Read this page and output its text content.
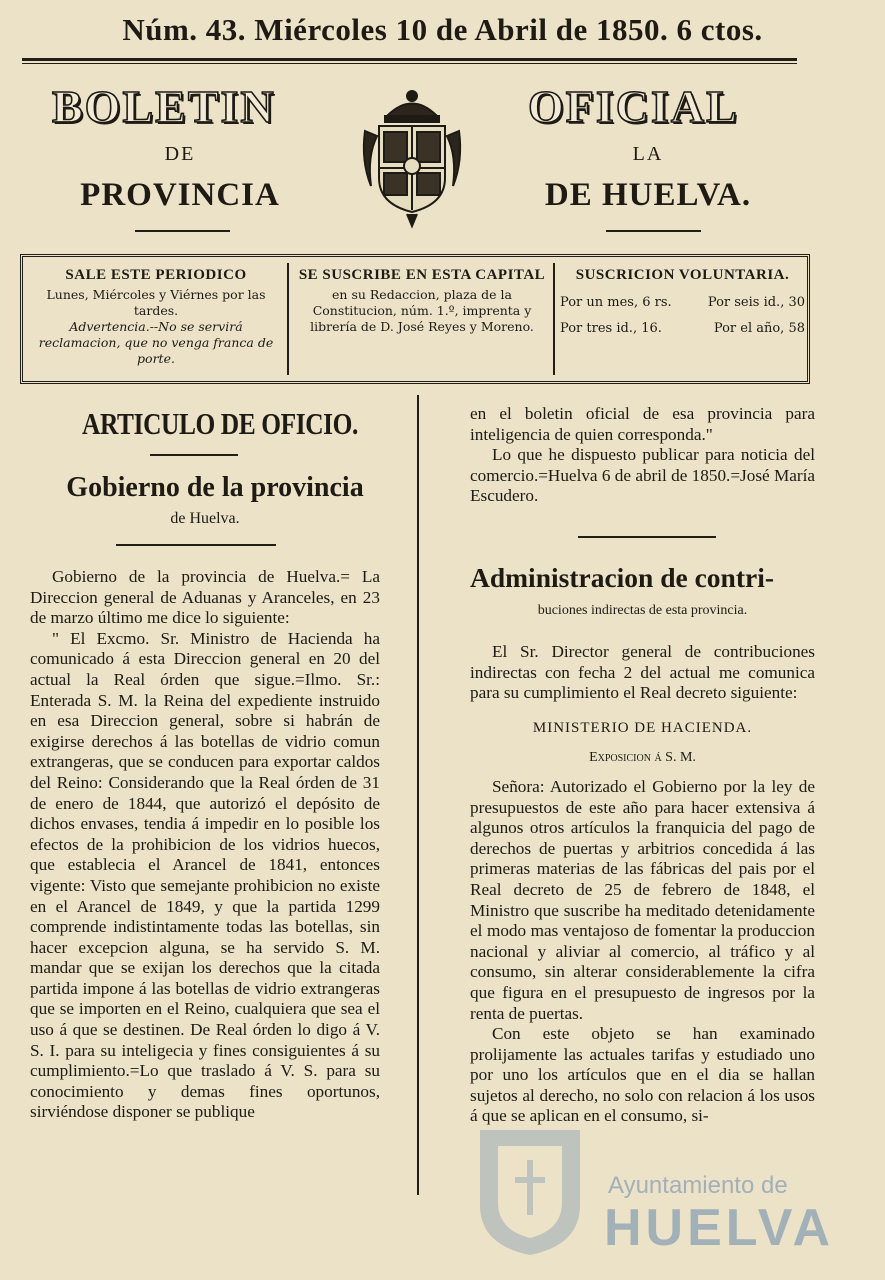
Núm. 43. Miércoles 10 de Abril de 1850. 6 ctos.
BOLETIN
DE
PROVINCIA
OFICIAL
LA
DE HUELVA.
SALE ESTE PERIODICO
Lunes, Miércoles y Viérnes por las tardes.
Advertencia.--No se servirá reclamacion, que no venga franca de porte.
SE SUSCRIBE EN ESTA CAPITAL
en su Redaccion, plaza de la Constitucion, núm. 1.º, imprenta y librería de D. José Reyes y Moreno.
SUSCRICION VOLUNTARIA.
Por un mes, 6 rs.	Por seis id., 30
Por tres id., 16.	Por el año, 58
ARTICULO DE OFICIO.
Gobierno de la provincia
de Huelva.

Gobierno de la provincia de Huelva.= La Direccion general de Aduanas y Aranceles, en 23 de marzo último me dice lo siguiente:

" El Excmo. Sr. Ministro de Hacienda ha comunicado á esta Direccion general en 20 del actual la Real órden que sigue.=Ilmo. Sr.: Enterada S. M. la Reina del expediente instruido en esa Direccion general, sobre si habrán de exigirse derechos á las botellas de vidrio comun extrangeras, que se conducen para exportar caldos del Reino: Considerando que la Real órden de 31 de enero de 1844, que autorizó el depósito de dichos envases, tendia á impedir en lo posible los efectos de la prohibicion de los vidrios huecos, que establecia el Arancel de 1841, entonces vigente: Visto que semejante prohibicion no existe en el Arancel de 1849, y que la partida 1299 comprende indistintamente todas las botellas, sin hacer excepcion alguna, se ha servido S. M. mandar que se exijan los derechos que la citada partida impone á las botellas de vidrio extrangeras que se importen en el Reino, cualquiera que sea el uso á que se destinen. De Real órden lo digo á V. S. I. para su inteligecia y fines consiguientes á su cumplimiento.=Lo que traslado á V. S. para su conocimiento y demas fines oportunos, sirviéndose disponer se publique

en el boletin oficial de esa provincia para inteligencia de quien corresponda."

Lo que he dispuesto publicar para noticia del comercio.=Huelva 6 de abril de 1850.=José María Escudero.

Administracion de contri-
buciones indirectas de esta provincia.

El Sr. Director general de contribuciones indirectas con fecha 2 del actual me comunica para su cumplimiento el Real decreto siguiente:

MINISTERIO DE HACIENDA.

Exposicion á S. M.

Señora: Autorizado el Gobierno por la ley de presupuestos de este año para hacer extensiva á algunos otros artículos la franquicia del pago de derechos de puertas y arbitrios concedida á las primeras materias de las fábricas del pais por el Real decreto de 25 de febrero de 1848, el Ministro que suscribe ha meditado detenidamente el modo mas ventajoso de fomentar la produccion nacional y aliviar al comercio, al tráfico y al consumo, sin alterar considerablemente la cifra que figura en el presupuesto de ingresos por la renta de puertas.

Con este objeto se han examinado prolijamente las actuales tarifas y estudiado uno por uno los artículos que en el dia se hallan sujetos al derecho, no solo con relacion á los usos á que se aplican en el consumo, si-

Ayuntamiento de
HUELVA
